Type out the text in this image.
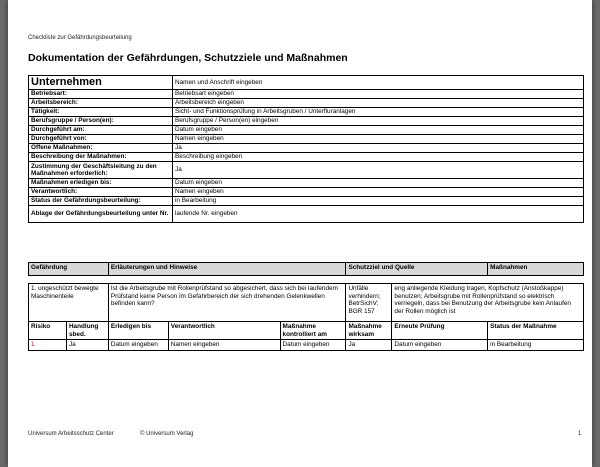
Checkliste zur Gefährdungsbeurteilung
Dokumentation der Gefährdungen, Schutzziele und Maßnahmen
Unternehmen	Namen und Anschrift eingeben
Betriebsart:	Betriebsart eingeben
Arbeitsbereich:	Arbeitsbereich eingeben
Tätigkeit:	Sicht- und Funktionsprüfung in Arbeitsgruben / Unterfluranlagen
Berufsgruppe / Person(en):	Berufsgruppe / Person(en) eingeben
Durchgeführt am:	Datum eingeben
Durchgeführt von:	Namen eingeben
Offene Maßnahmen:	Ja
Beschreibung der Maßnahmen:	Beschreibung eingeben
Zustimmung der Geschäftsleitung zu den Maßnahmen erforderlich:	Ja
Maßnahmen erledigen bis:	Datum eingeben
Verantwortlich:	Namen eingeben
Status der Gefährdungsbeurteilung:	in Bearbeitung
Ablage der Gefährdungsbeurteilung unter Nr.	laufende Nr. eingeben
Gefährdung		Erläuterungen und Hinweise			Schutzziel und Quelle		Maßnahmen

1. ungeschützt bewegte Maschinenteile		Ist die Arbeitsgrube mit Rollenprüfstand so abgesichert, dass sich bei laufendem Prüfstand keine Person im Gefahrbereich der sich drehenden Gelenkwellen befinden kann?			Unfälle verhindern; BetrSichV; BGR 157	eng anliegende Kleidung tragen, Kopfschutz (Anstoßkappe) benutzen; Arbeitsgrube mit Rollenprüfstand so elektrisch verriegeln, dass bei Benutzung der Arbeitsgrube kein Anlaufen der Rollen möglich ist	
Risiko	Handlung sbed.	Erledigen bis	Verantwortlich	Maßnahme kontrolliert am	Maßnahme wirksam	Erneute Prüfung	Status der Maßnahme
1	Ja	Datum eingeben	Namen eingeben	Datum eingeben	Ja	Datum eingeben	in Bearbeitung
Universum Arbeitsschutz Center	© Universum Verlag	1
